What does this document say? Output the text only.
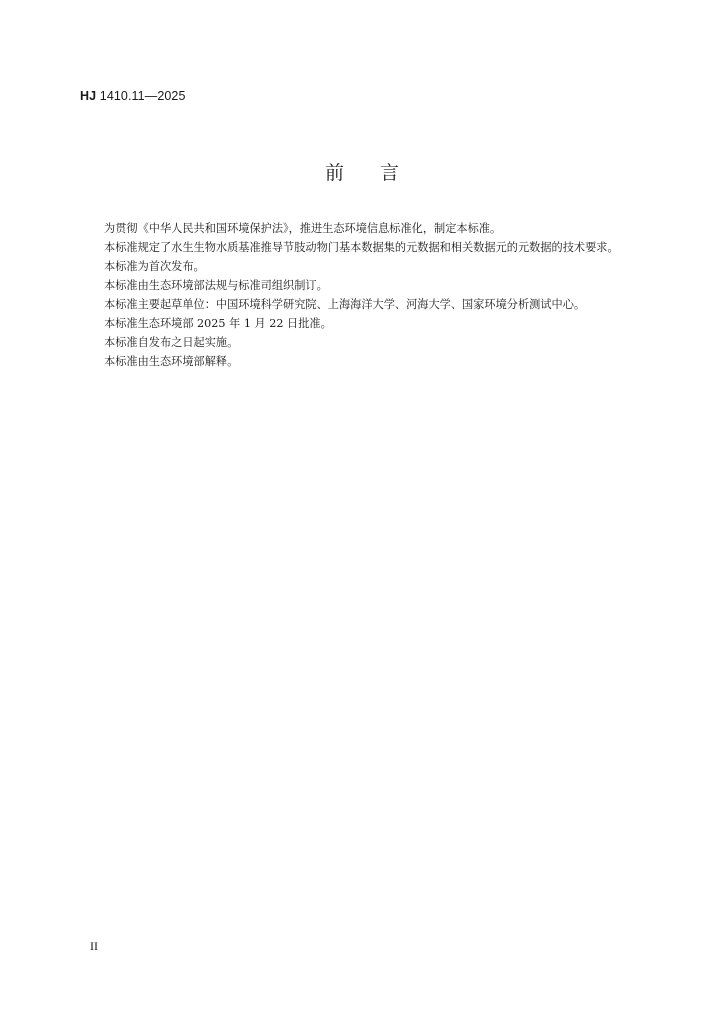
HJ 1410.11—2025
前言

为贯彻《中华人民共和国环境保护法》，推进生态环境信息标准化，制定本标准。

本标准规定了水生生物水质基准推导节肢动物门基本数据集的元数据和相关数据元的元数据的技术要求。

本标准为首次发布。

本标准由生态环境部法规与标准司组织制订。

本标准主要起草单位：中国环境科学研究院、上海海洋大学、河海大学、国家环境分析测试中心。

本标准生态环境部 2025 年 1 月 22 日批准。

本标准自发布之日起实施。

本标准由生态环境部解释。

II
